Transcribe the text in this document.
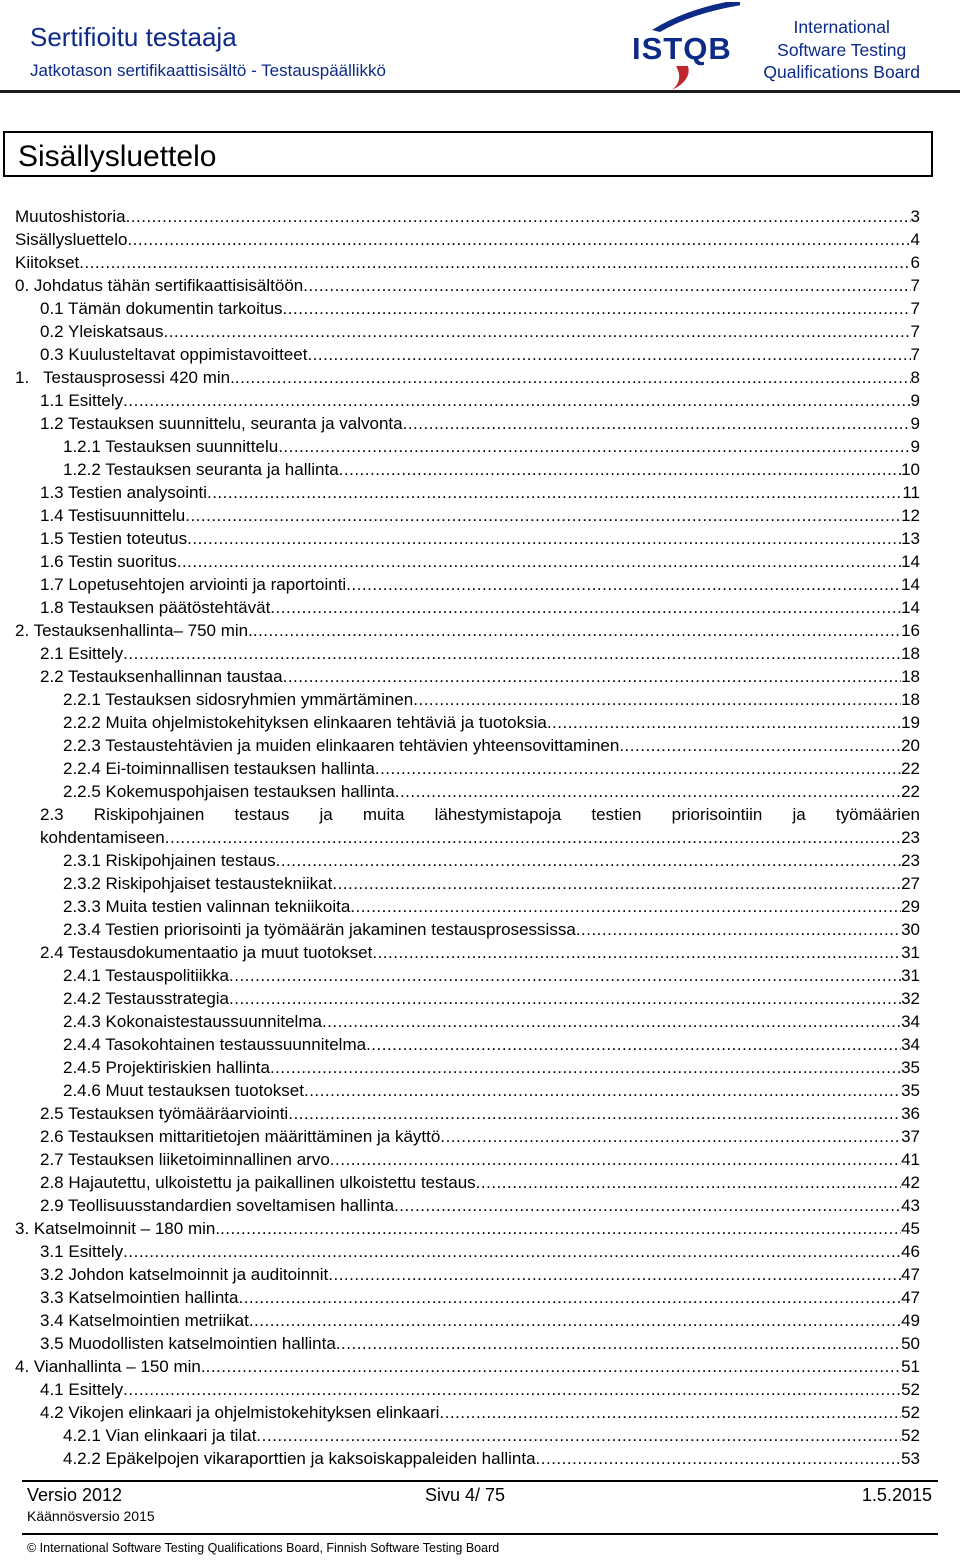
Sertifioitu testaaja
Jatkotason sertifikaattisisältö - Testauspäällikkö
ISTQB
International
Software Testing
Qualifications Board
Sisällysluettelo
Muutoshistoria .....	3
Sisällysluettelo .....	4
Kiitokset .....	6
0. Johdatus tähän sertifikaattisisältöön .....	7
0.1 Tämän dokumentin tarkoitus .....	7
0.2 Yleiskatsaus .....	7
0.3 Kuulusteltavat oppimistavoitteet .....	7
1.   Testausprosessi 420 min. .....	8
1.1 Esittely .....	9
1.2 Testauksen suunnittelu, seuranta ja valvonta .....	9
1.2.1 Testauksen suunnittelu .....	9
1.2.2 Testauksen seuranta ja hallinta .....	10
1.3 Testien analysointi .....	11
1.4 Testisuunnittelu .....	12
1.5 Testien toteutus .....	13
1.6 Testin suoritus .....	14
1.7 Lopetusehtojen arviointi ja raportointi .....	14
1.8 Testauksen päätöstehtävät .....	14
2. Testauksenhallinta– 750 min. .....	16
2.1 Esittely .....	18
2.2 Testauksenhallinnan taustaa .....	18
2.2.1 Testauksen sidosryhmien ymmärtäminen .....	18
2.2.2 Muita ohjelmistokehityksen elinkaaren tehtäviä ja tuotoksia .....	19
2.2.3 Testaustehtävien ja muiden elinkaaren tehtävien yhteensovittaminen .....	20
2.2.4 Ei-toiminnallisen testauksen hallinta .....	22
2.2.5 Kokemuspohjaisen testauksen hallinta .....	22
2.3 Riskipohjainen testaus ja muita lähestymistapoja testien priorisointiin ja työmäärien
kohdentamiseen .....	23
2.3.1 Riskipohjainen testaus .....	23
2.3.2 Riskipohjaiset testaustekniikat .....	27
2.3.3 Muita testien valinnan tekniikoita .....	29
2.3.4 Testien priorisointi ja työmäärän jakaminen testausprosessissa .....	30
2.4 Testausdokumentaatio ja muut tuotokset .....	31
2.4.1 Testauspolitiikka .....	31
2.4.2 Testausstrategia .....	32
2.4.3 Kokonaistestaussuunnitelma .....	34
2.4.4 Tasokohtainen testaussuunnitelma .....	34
2.4.5 Projektiriskien hallinta .....	35
2.4.6 Muut testauksen tuotokset .....	35
2.5 Testauksen työmääräarviointi .....	36
2.6 Testauksen mittaritietojen määrittäminen ja käyttö .....	37
2.7 Testauksen liiketoiminnallinen arvo .....	41
2.8 Hajautettu, ulkoistettu ja paikallinen ulkoistettu testaus .....	42
2.9 Teollisuusstandardien soveltamisen hallinta .....	43
3. Katselmoinnit – 180 min. .....	45
3.1 Esittely .....	46
3.2 Johdon katselmoinnit ja auditoinnit .....	47
3.3 Katselmointien hallinta .....	47
3.4 Katselmointien metriikat .....	49
3.5 Muodollisten katselmointien hallinta .....	50
4. Vianhallinta – 150 min. .....	51
4.1 Esittely .....	52
4.2 Vikojen elinkaari ja ohjelmistokehityksen elinkaari .....	52
4.2.1 Vian elinkaari ja tilat .....	52
4.2.2 Epäkelpojen vikaraporttien ja kaksoiskappaleiden hallinta .....	53
Versio 2012
Käännösversio 2015
Sivu 4/ 75	1.5.2015
© International Software Testing Qualifications Board, Finnish Software Testing Board
